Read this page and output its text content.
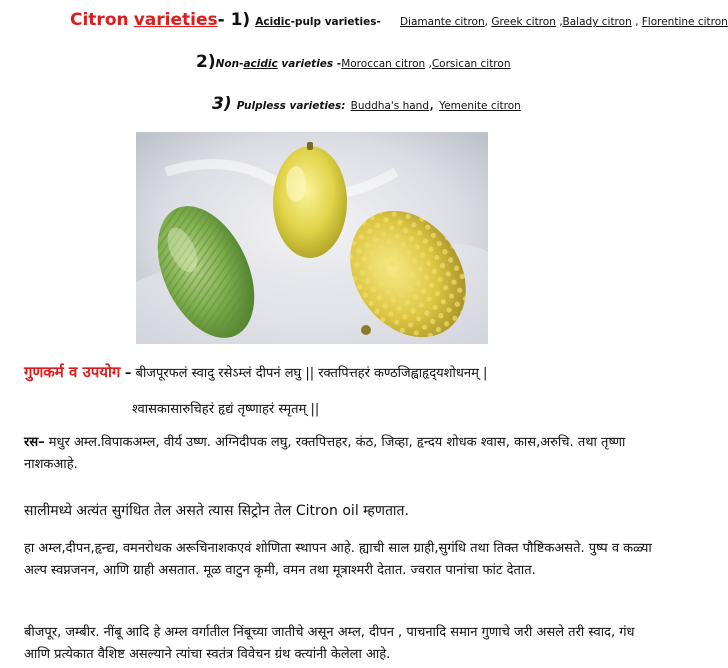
Citron varieties- 1) Acidic-pulp varieties- Diamante citron, Greek citron ,Balady citron , Florentine citron
2)Non-acidic varieties -Moroccan citron ,Corsican citron
3) Pulpless varieties: Buddha's hand, Yemenite citron
गुणकर्म व उपयोग – बीजपूरफलं स्वादु रसेऽम्लं दीपनं लघु || रक्तपित्तहरं कण्ठजिह्वाहृद्‌यशोधनम्‌ |
श्वासकासारुचिहरं हृद्यं तृष्णाहरं स्मृतम्‌ ||
रस– मधुर अम्ल.विपाकअम्ल, वीर्य उष्ण. अग्निदीपक लघु, रक्तपित्तहर, कंठ, जिव्हा, हृन्दय शोधक श्वास, कास,अरुचि. तथा तृष्णा नाशकआहे.
सालीमध्ये अत्यंत सुगंधित तेल असते त्यास सिट्रोन तेल Citron oil म्हणतात.
हा अम्ल,दीपन,हृन्द्य, वमनरोधक अरूचिनाशकएवं शोणिता स्थापन आहे. ह्याची साल ग्राही,सुगंधि तथा तिक्त पौष्टिकअसते. पुष्प व कळ्या अल्प स्वप्नजनन, आणि ग्राही असतात. मूळ वाटुन कृमी, वमन तथा मूत्राश्मरी देतात. ज्वरात पानांचा फांट देतात.
बीजपूर, जम्बीर. नींबू आदि हे अम्ल वर्गातील निंबूच्या जातीचे असून अम्ल, दीपन , पाचनादि समान गुणाचे जरी असले तरी स्वाद, गंध आणि प्रत्येकात वैशिष्ट असल्याने त्यांचा स्वतंत्र विवेचन ग्रंथ क्त्यांनी केलेला आहे.
